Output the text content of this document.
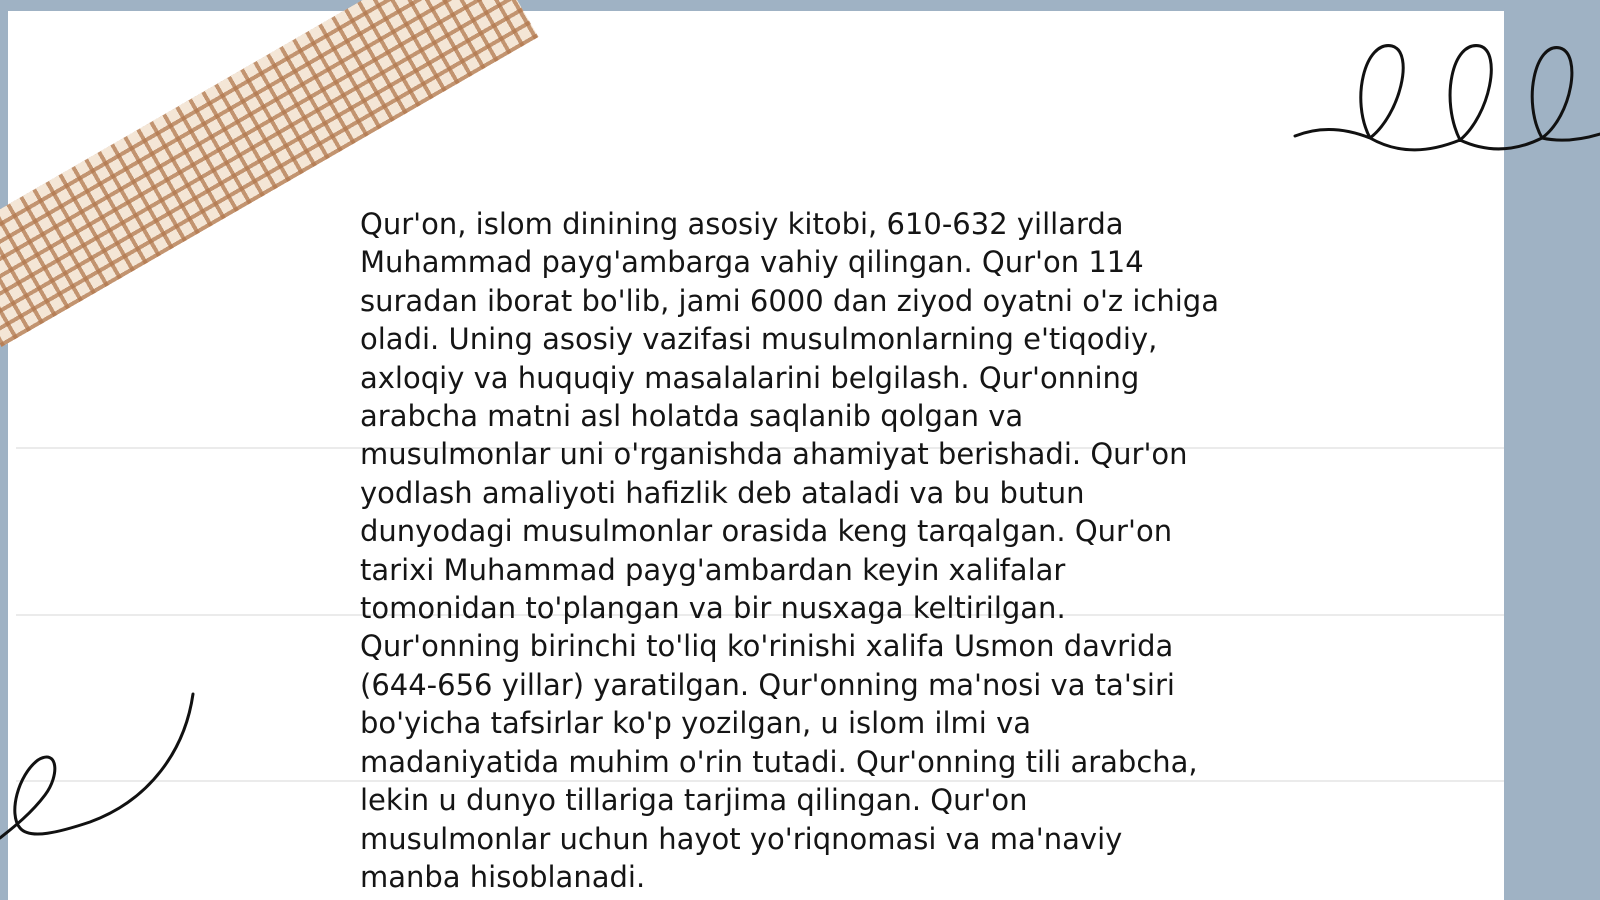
Qur'on, islom dinining asosiy kitobi, 610-632 yillarda
Muhammad payg'ambarga vahiy qilingan. Qur'on 114
suradan iborat bo'lib, jami 6000 dan ziyod oyatni o'z ichiga
oladi. Uning asosiy vazifasi musulmonlarning e'tiqodiy,
axloqiy va huquqiy masalalarini belgilash. Qur'onning
arabcha matni asl holatda saqlanib qolgan va
musulmonlar uni o'rganishda ahamiyat berishadi. Qur'on
yodlash amaliyoti hafizlik deb ataladi va bu butun
dunyodagi musulmonlar orasida keng tarqalgan. Qur'on
tarixi Muhammad payg'ambardan keyin xalifalar
tomonidan to'plangan va bir nusxaga keltirilgan.
Qur'onning birinchi to'liq ko'rinishi xalifa Usmon davrida
(644-656 yillar) yaratilgan. Qur'onning ma'nosi va ta'siri
bo'yicha tafsirlar ko'p yozilgan, u islom ilmi va
madaniyatida muhim o'rin tutadi. Qur'onning tili arabcha,
lekin u dunyo tillariga tarjima qilingan. Qur'on
musulmonlar uchun hayot yo'riqnomasi va ma'naviy
manba hisoblanadi.
